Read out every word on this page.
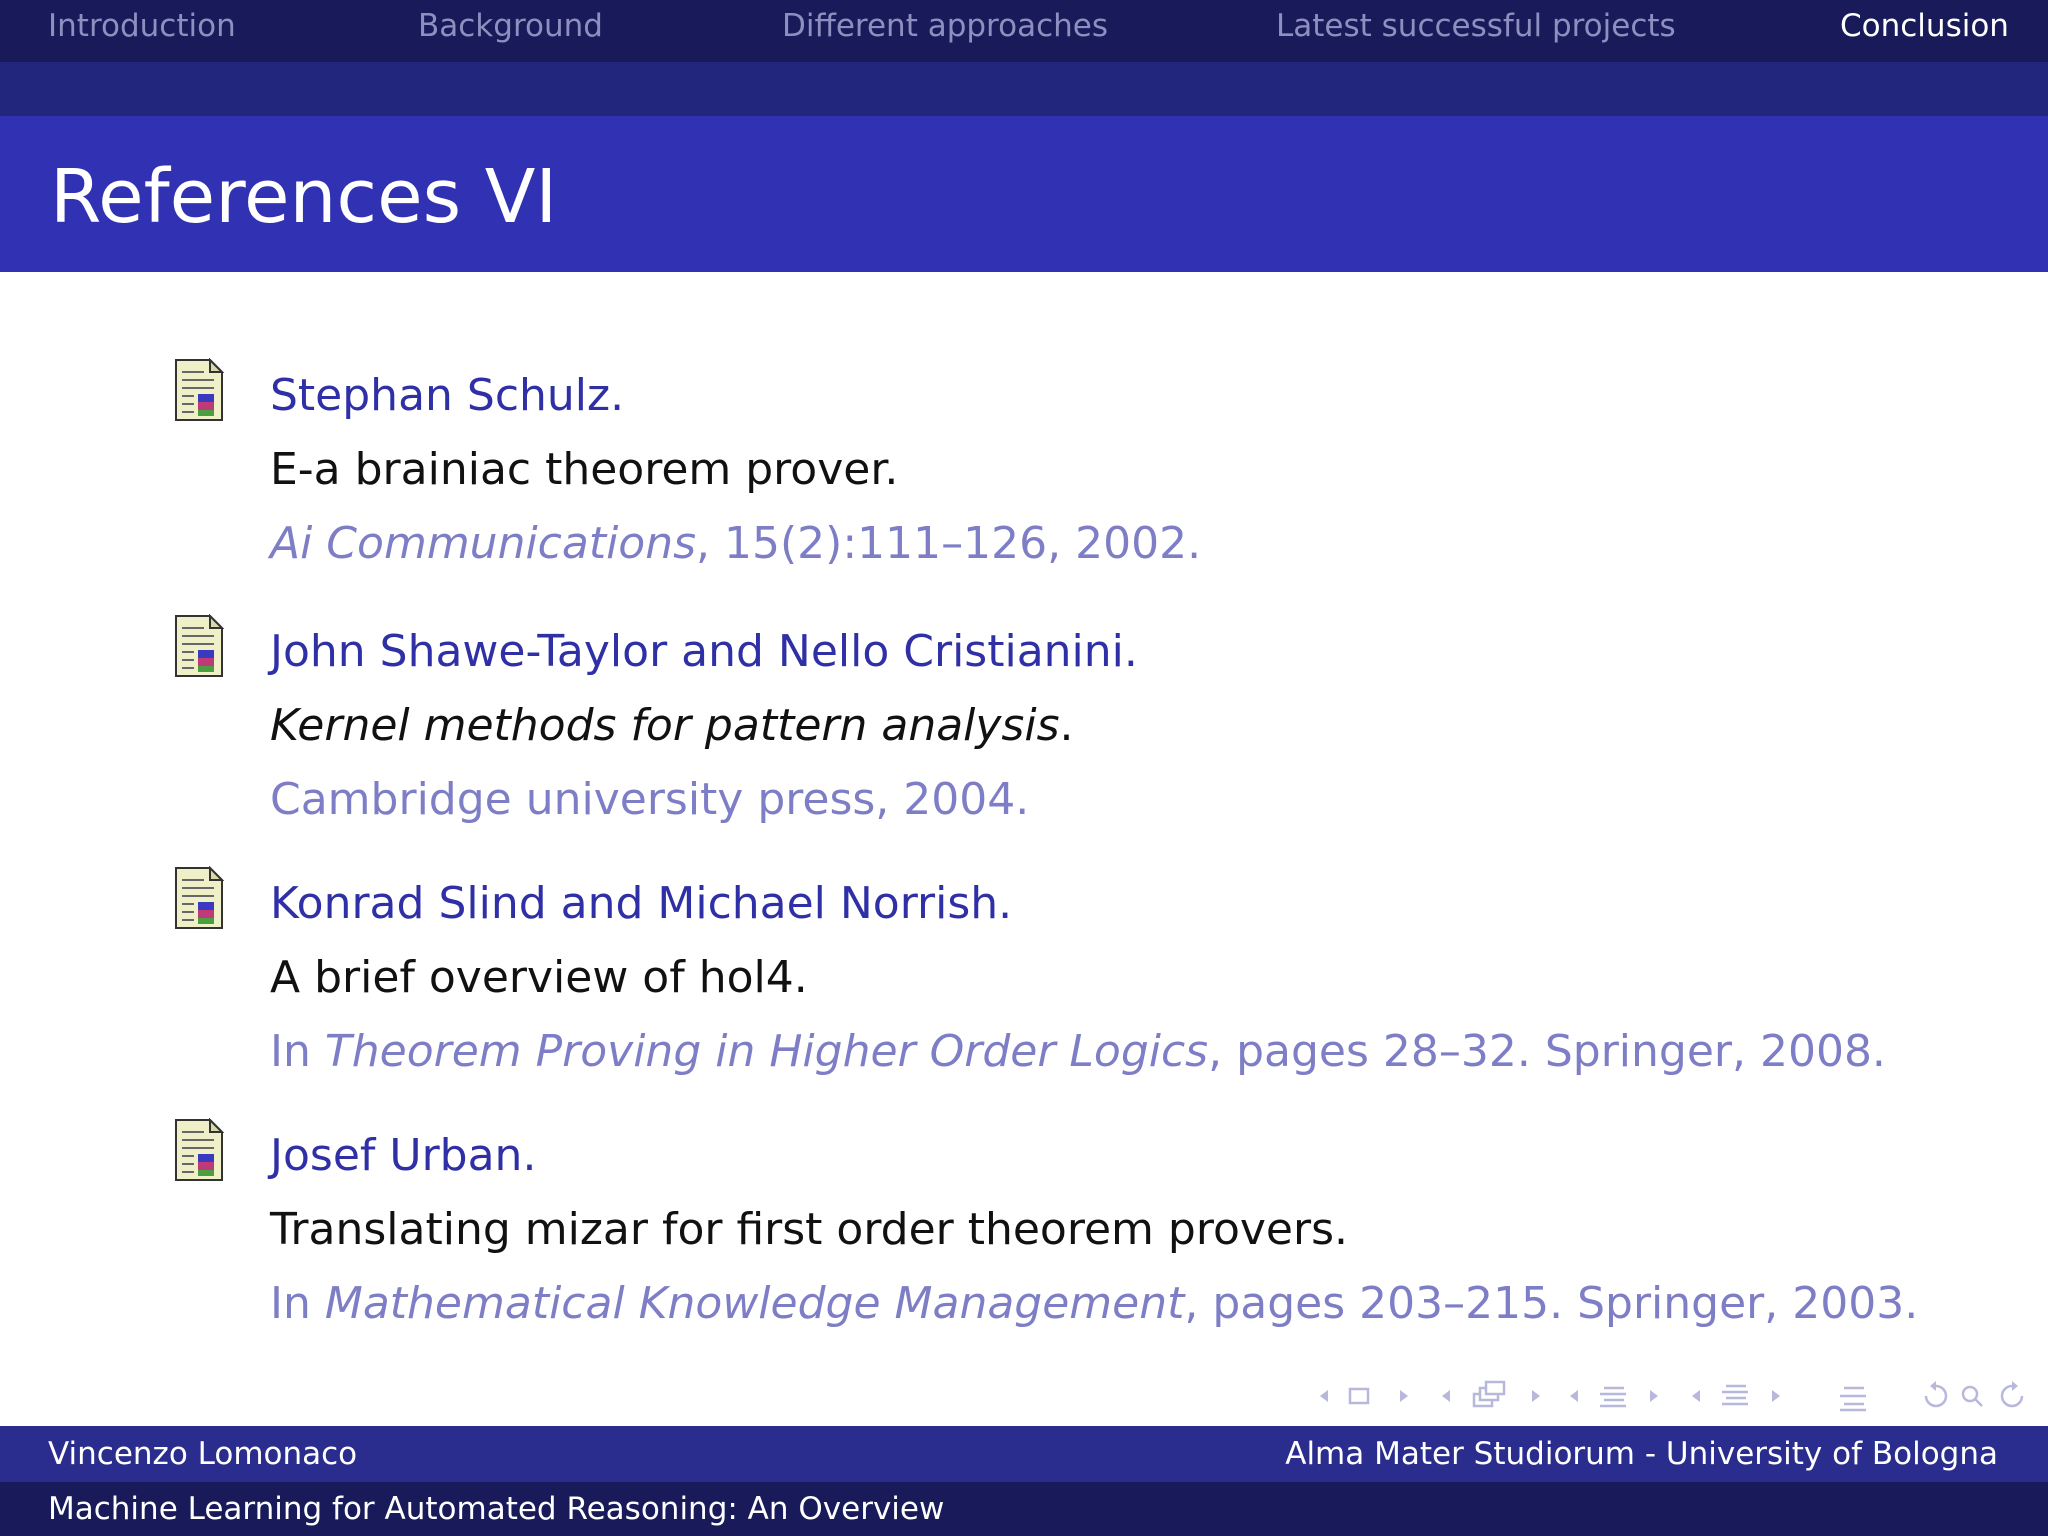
Introduction	Background	Different approaches	Latest successful projects	Conclusion
References VI
Stephan Schulz.
E-a brainiac theorem prover.
Ai Communications, 15(2):111–126, 2002.
John Shawe-Taylor and Nello Cristianini.
Kernel methods for pattern analysis.
Cambridge university press, 2004.
Konrad Slind and Michael Norrish.
A brief overview of hol4.
In Theorem Proving in Higher Order Logics, pages 28–32. Springer, 2008.
Josef Urban.
Translating mizar for first order theorem provers.
In Mathematical Knowledge Management, pages 203–215. Springer, 2003.
Vincenzo Lomonaco	Alma Mater Studiorum - University of Bologna
Machine Learning for Automated Reasoning: An Overview
